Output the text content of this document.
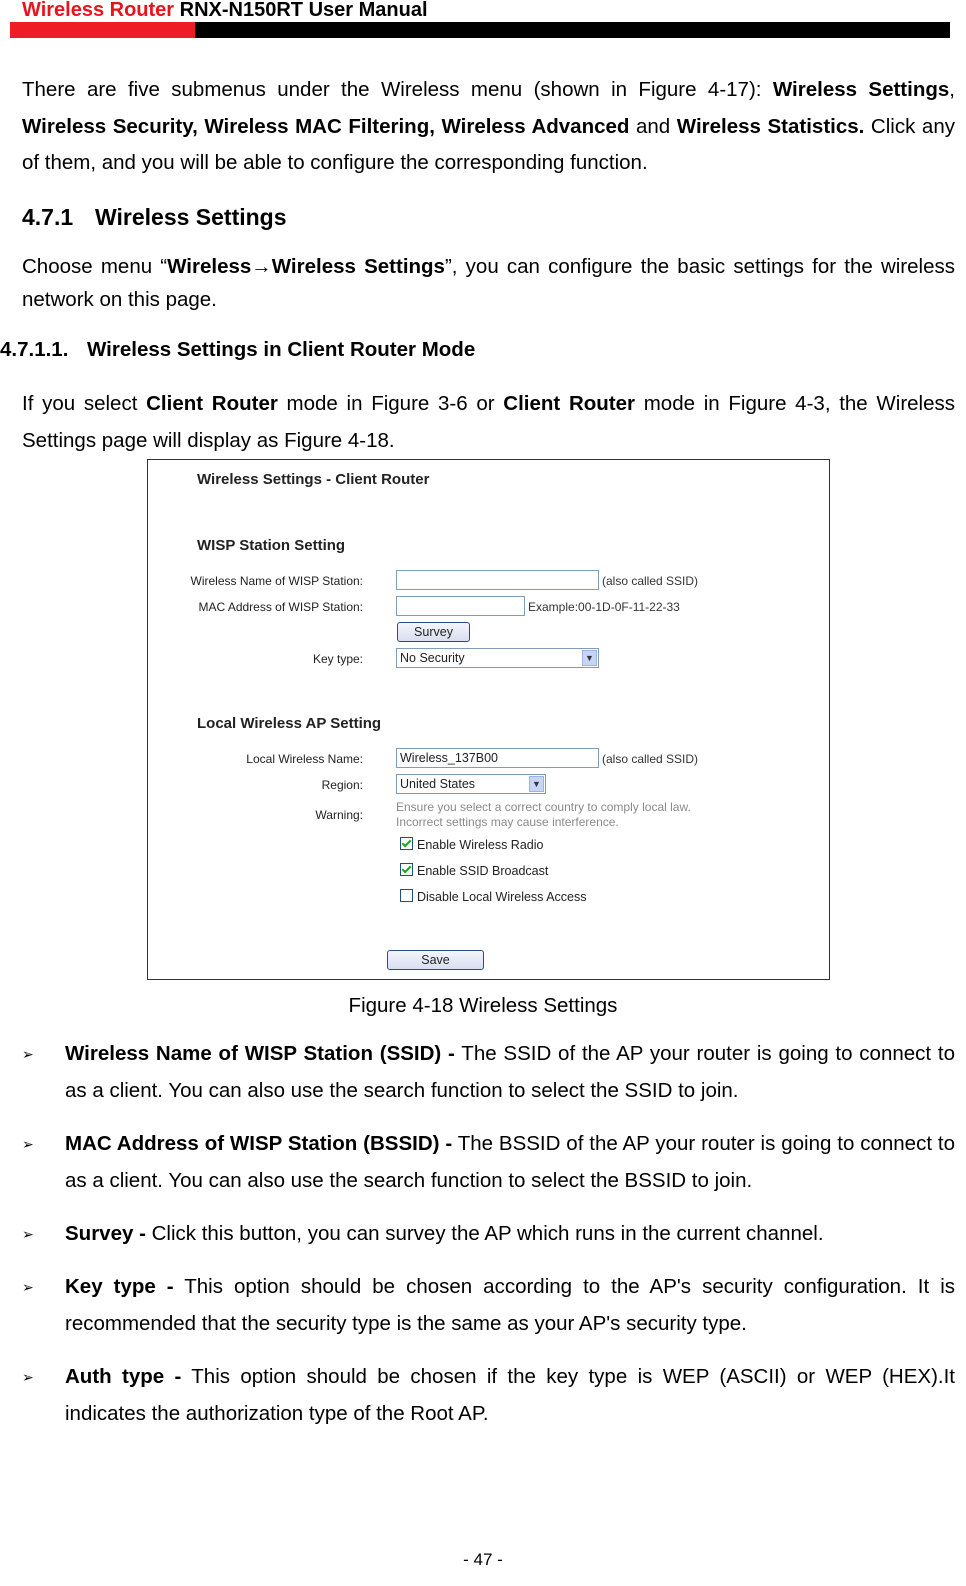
Wireless Router RNX-N150RT User Manual
There are five submenus under the Wireless menu (shown in Figure 4-17): Wireless Settings, Wireless Security, Wireless MAC Filtering, Wireless Advanced and Wireless Statistics. Click any of them, and you will be able to configure the corresponding function.
4.7.1 Wireless Settings
Choose menu “Wireless→Wireless Settings”, you can configure the basic settings for the wireless network on this page.
4.7.1.1. Wireless Settings in Client Router Mode
If you select Client Router mode in Figure 3-6 or Client Router mode in Figure 4-3, the Wireless Settings page will display as Figure 4-18.
Wireless Settings - Client Router
WISP Station Setting
Wireless Name of WISP Station:	(also called SSID)
MAC Address of WISP Station:	Example:00-1D-0F-11-22-33
Survey
Key type:	No Security	▼
Local Wireless AP Setting
Local Wireless Name:	Wireless_137B00	(also called SSID)
Region:	United States	▼
Warning:
Ensure you select a correct country to comply local law.
Incorrect settings may cause interference.
Enable Wireless Radio
Enable SSID Broadcast
Disable Local Wireless Access
Save
Figure 4-18 Wireless Settings
➢ Wireless Name of WISP Station (SSID) - The SSID of the AP your router is going to connect to as a client. You can also use the search function to select the SSID to join.
➢ MAC Address of WISP Station (BSSID) - The BSSID of the AP your router is going to connect to as a client. You can also use the search function to select the BSSID to join.
➢ Survey - Click this button, you can survey the AP which runs in the current channel.
➢ Key type - This option should be chosen according to the AP's security configuration. It is recommended that the security type is the same as your AP's security type.
➢ Auth type - This option should be chosen if the key type is WEP (ASCII) or WEP (HEX).It indicates the authorization type of the Root AP.
- 47 -
